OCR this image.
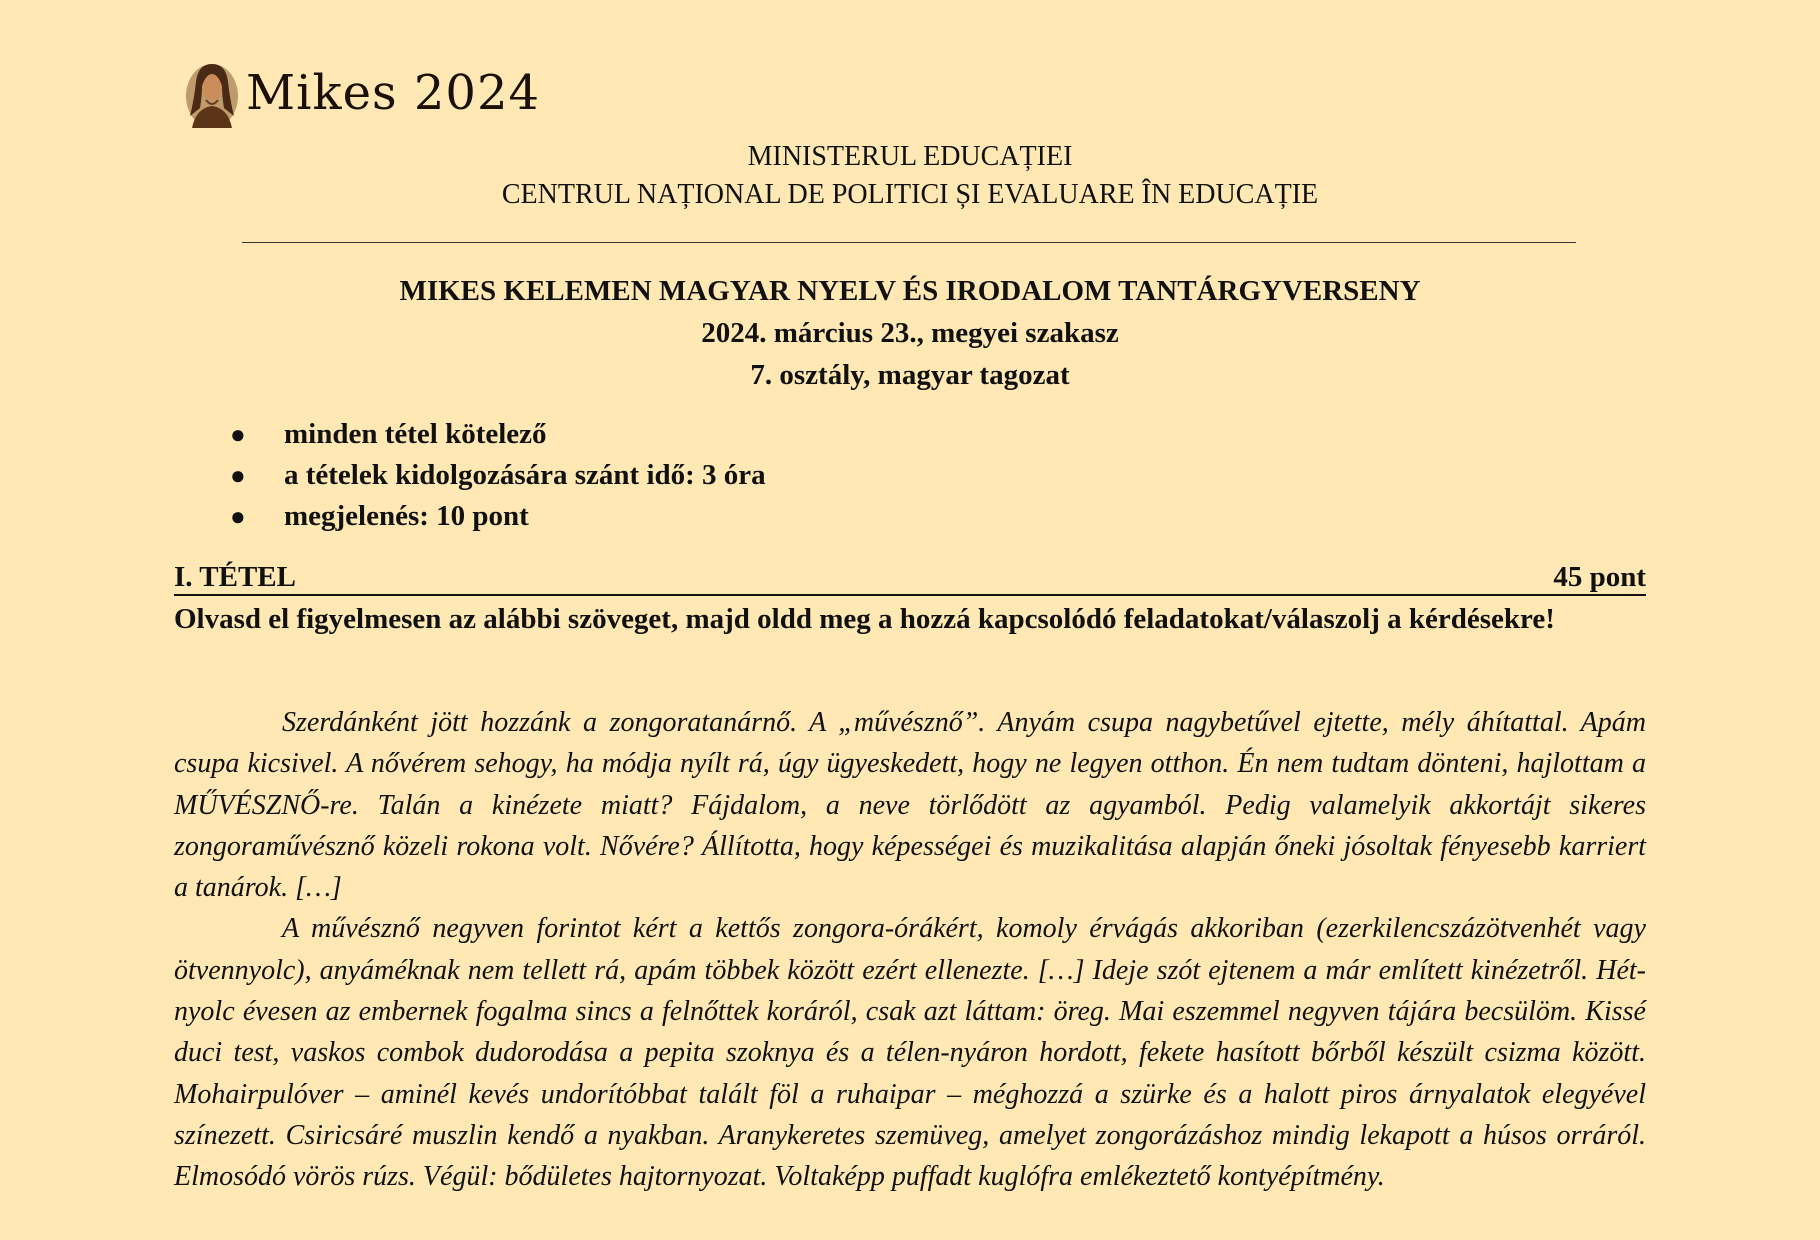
Mikes 2024
MINISTERUL EDUCAȚIEI
CENTRUL NAȚIONAL DE POLITICI ȘI EVALUARE ÎN EDUCAȚIE
MIKES KELEMEN MAGYAR NYELV ÉS IRODALOM TANTÁRGYVERSENY
2024. március 23., megyei szakasz
7. osztály, magyar tagozat
● minden tétel kötelező
● a tételek kidolgozására szánt idő: 3 óra
● megjelenés: 10 pont
I. TÉTEL	45 pont
Olvasd el figyelmesen az alábbi szöveget, majd oldd meg a hozzá kapcsolódó feladatokat/válaszolj a kérdésekre!

Szerdánként jött hozzánk a zongoratanárnő. A „művésznő”. Anyám csupa nagybetűvel ejtette, mély áhítattal. Apám csupa kicsivel. A nővérem sehogy, ha módja nyílt rá, úgy ügyeskedett, hogy ne legyen otthon. Én nem tudtam dönteni, hajlottam a MŰVÉSZNŐ-re. Talán a kinézete miatt? Fájdalom, a neve törlődött az agyamból. Pedig valamelyik akkortájt sikeres zongoraművésznő közeli rokona volt. Nővére? Állította, hogy képességei és muzikalitása alapján őneki jósoltak fényesebb karriert a tanárok. […]

A művésznő negyven forintot kért a kettős zongora-órákért, komoly érvágás akkoriban (ezerkilencszázötvenhét vagy ötvennyolc), anyáméknak nem tellett rá, apám többek között ezért ellenezte. […] Ideje szót ejtenem a már említett kinézetről. Hét-nyolc évesen az embernek fogalma sincs a felnőttek koráról, csak azt láttam: öreg. Mai eszemmel negyven tájára becsülöm. Kissé duci test, vaskos combok dudorodása a pepita szoknya és a télen-nyáron hordott, fekete hasított bőrből készült csizma között. Mohairpulóver – aminél kevés undorítóbbat talált föl a ruhaipar – méghozzá a szürke és a halott piros árnyalatok elegyével színezett. Csiricsáré muszlin kendő a nyakban. Aranykeretes szemüveg, amelyet zongorázáshoz mindig lekapott a húsos orráról. Elmosódó vörös rúzs. Végül: bődületes hajtornyozat. Voltaképp puffadt kuglófra emlékeztető kontyépítmény.
